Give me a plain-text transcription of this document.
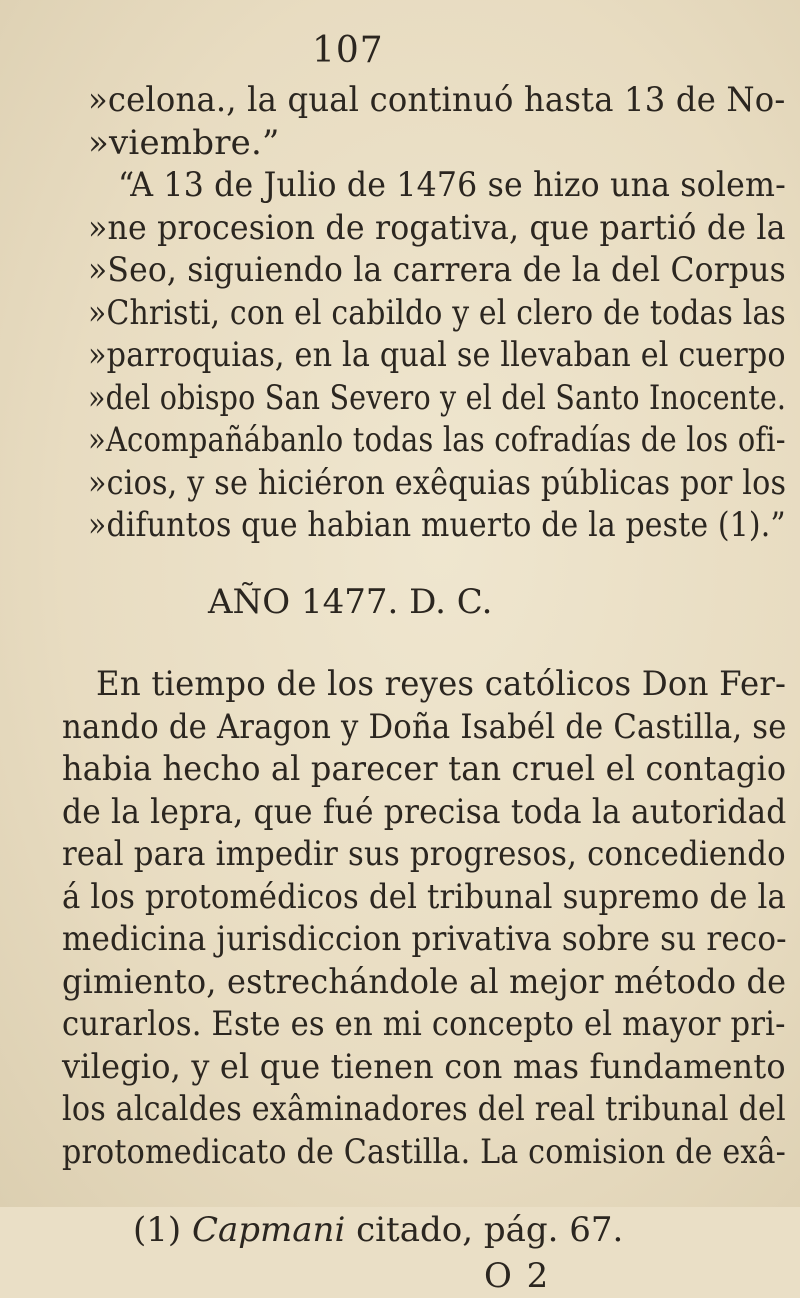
107
»celona., la qual continuó hasta 13 de No-
»viembre.”
“A 13 de Julio de 1476 se hizo una solem-
»ne procesion de rogativa, que partió de la
»Seo, siguiendo la carrera de la del Corpus
»Christi, con el cabildo y el clero de todas las
»parroquias, en la qual se llevaban el cuerpo
»del obispo San Severo y el del Santo Inocente.
»Acompañábanlo todas las cofradías de los ofi-
»cios, y se hiciéron exêquias públicas por los
»difuntos que habian muerto de la peste (1).”
AÑO 1477. D. C.
En tiempo de los reyes católicos Don Fer-
nando de Aragon y Doña Isabél de Castilla, se
habia hecho al parecer tan cruel el contagio
de la lepra, que fué precisa toda la autoridad
real para impedir sus progresos, concediendo
á los protomédicos del tribunal supremo de la
medicina jurisdiccion privativa sobre su reco-
gimiento, estrechándole al mejor método de
curarlos. Este es en mi concepto el mayor pri-
vilegio, y el que tienen con mas fundamento
los alcaldes exâminadores del real tribunal del
protomedicato de Castilla. La comision de exâ-
(1) Capmani citado, pág. 67.
O 2
